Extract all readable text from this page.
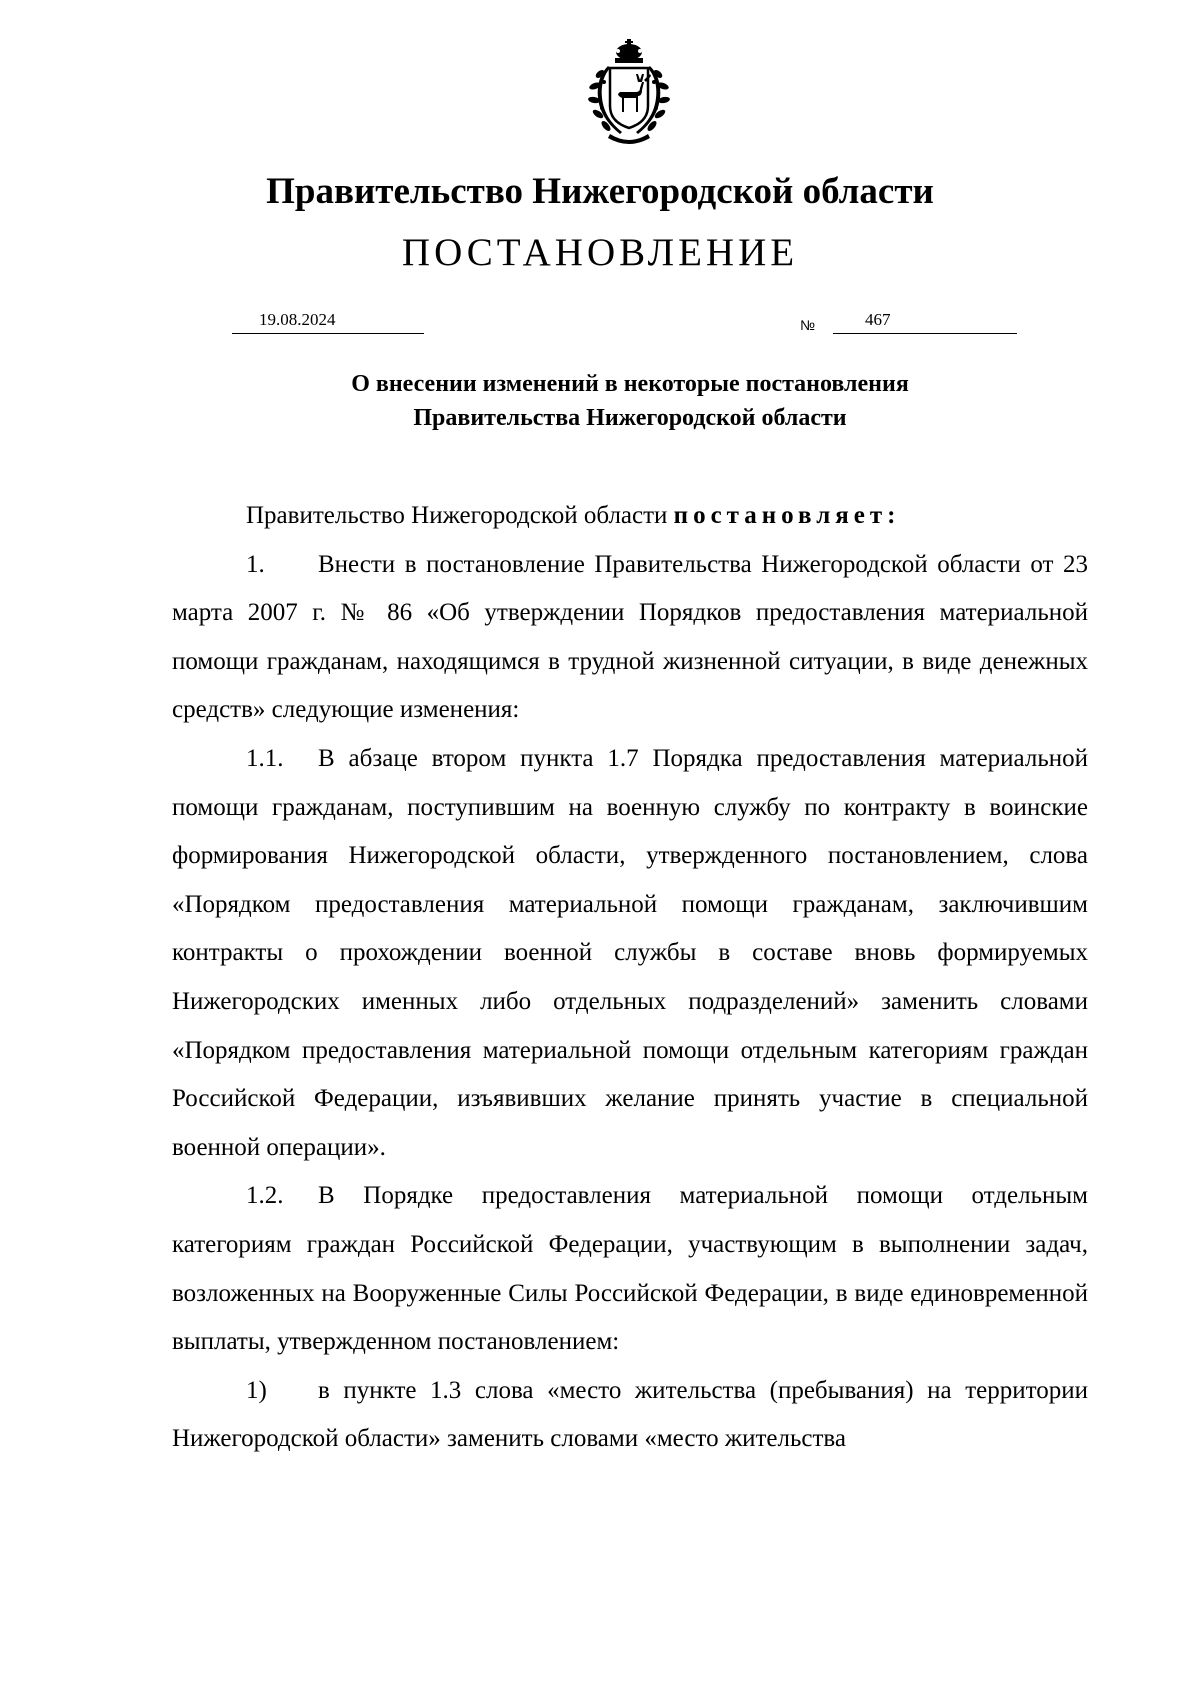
Правительство Нижегородской области
ПОСТАНОВЛЕНИЕ
19.08.2024	№	467
О внесении изменений в некоторые постановления
Правительства Нижегородской области

Правительство Нижегородской области постановляет:

1. Внести в постановление Правительства Нижегородской области от 23 марта 2007 г. № 86 «Об утверждении Порядков предоставления материальной помощи гражданам, находящимся в трудной жизненной ситуации, в виде денежных средств» следующие изменения:

1.1. В абзаце втором пункта 1.7 Порядка предоставления материальной помощи гражданам, поступившим на военную службу по контракту в воинские формирования Нижегородской области, утвержденного постановлением, слова «Порядком предоставления материальной помощи гражданам, заключившим контракты о прохождении военной службы в составе вновь формируемых Нижегородских именных либо отдельных подразделений» заменить словами «Порядком предоставления материальной помощи отдельным категориям граждан Российской Федерации, изъявивших желание принять участие в специальной военной операции».

1.2. В Порядке предоставления материальной помощи отдельным категориям граждан Российской Федерации, участвующим в выполнении задач, возложенных на Вооруженные Силы Российской Федерации, в виде единовременной выплаты, утвержденном постановлением:

1) в пункте 1.3 слова «место жительства (пребывания) на территории Нижегородской области» заменить словами «место жительства
